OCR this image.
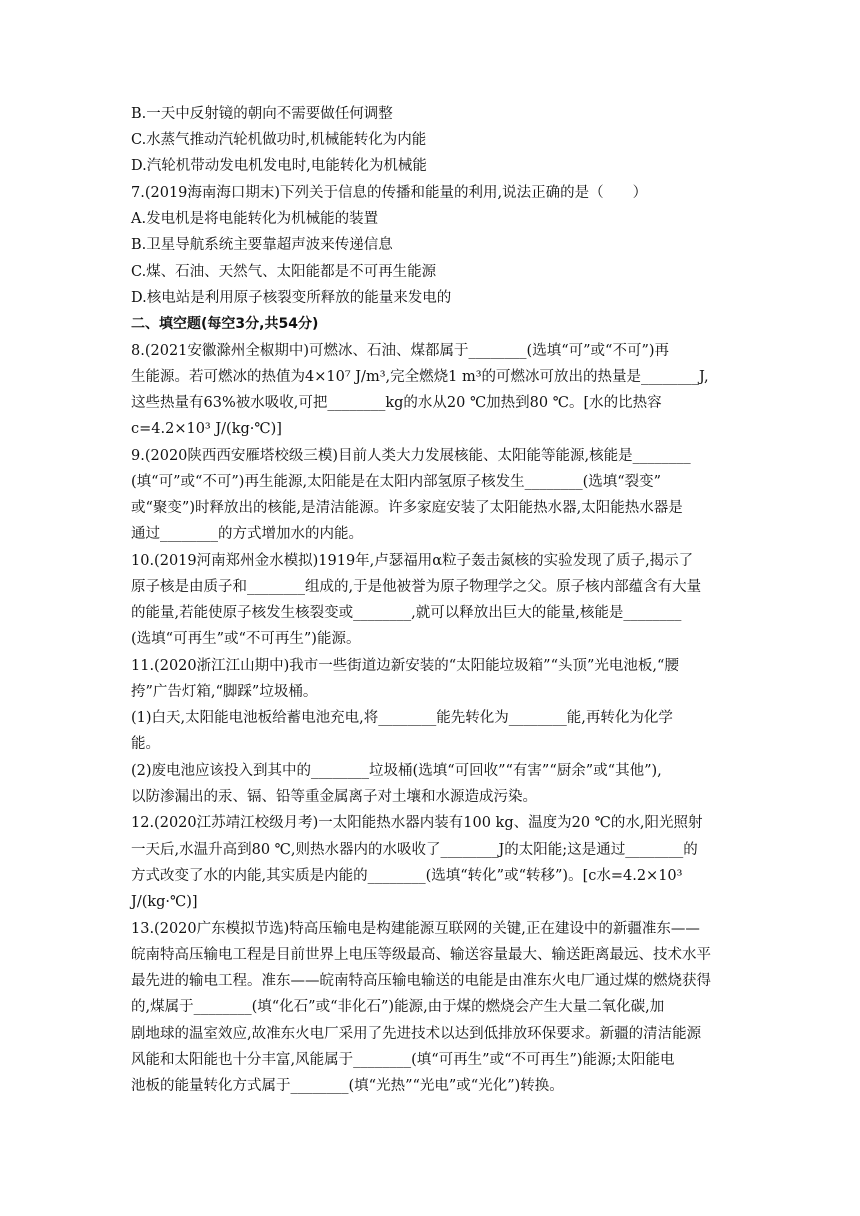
B.一天中反射镜的朝向不需要做任何调整
C.水蒸气推动汽轮机做功时,机械能转化为内能
D.汽轮机带动发电机发电时,电能转化为机械能
7.(2019海南海口期末)下列关于信息的传播和能量的利用,说法正确的是（　　）
A.发电机是将电能转化为机械能的装置
B.卫星导航系统主要靠超声波来传递信息
C.煤、石油、天然气、太阳能都是不可再生能源
D.核电站是利用原子核裂变所释放的能量来发电的
二、填空题(每空3分,共54分)
8.(2021安徽滁州全椒期中)可燃冰、石油、煤都属于________(选填“可”或“不可”)再
生能源。若可燃冰的热值为4×10⁷ J/m³,完全燃烧1 m³的可燃冰可放出的热量是________J,
这些热量有63%被水吸收,可把________kg的水从20 ℃加热到80 ℃。[水的比热容
c=4.2×10³ J/(kg·℃)]
9.(2020陕西西安雁塔校级三模)目前人类大力发展核能、太阳能等能源,核能是________
(填“可”或“不可”)再生能源,太阳能是在太阳内部氢原子核发生________(选填“裂变”
或“聚变”)时释放出的核能,是清洁能源。许多家庭安装了太阳能热水器,太阳能热水器是
通过________的方式增加水的内能。
10.(2019河南郑州金水模拟)1919年,卢瑟福用α粒子轰击氮核的实验发现了质子,揭示了
原子核是由质子和________组成的,于是他被誉为原子物理学之父。原子核内部蕴含有大量
的能量,若能使原子核发生核裂变或________,就可以释放出巨大的能量,核能是________
(选填“可再生”或“不可再生”)能源。
11.(2020浙江江山期中)我市一些街道边新安装的“太阳能垃圾箱”“头顶”光电池板,“腰
挎”广告灯箱,“脚踩”垃圾桶。
(1)白天,太阳能电池板给蓄电池充电,将________能先转化为________能,再转化为化学
能。
(2)废电池应该投入到其中的________垃圾桶(选填“可回收”“有害”“厨余”或“其他”),
以防渗漏出的汞、镉、铅等重金属离子对土壤和水源造成污染。
12.(2020江苏靖江校级月考)一太阳能热水器内装有100 kg、温度为20 ℃的水,阳光照射
一天后,水温升高到80 ℃,则热水器内的水吸收了________J的太阳能;这是通过________的
方式改变了水的内能,其实质是内能的________(选填“转化”或“转移”)。[c水=4.2×10³
J/(kg·℃)]
13.(2020广东模拟节选)特高压输电是构建能源互联网的关键,正在建设中的新疆准东——
皖南特高压输电工程是目前世界上电压等级最高、输送容量最大、输送距离最远、技术水平
最先进的输电工程。准东——皖南特高压输电输送的电能是由准东火电厂通过煤的燃烧获得
的,煤属于________(填“化石”或“非化石”)能源,由于煤的燃烧会产生大量二氧化碳,加
剧地球的温室效应,故准东火电厂采用了先进技术以达到低排放环保要求。新疆的清洁能源
风能和太阳能也十分丰富,风能属于________(填“可再生”或“不可再生”)能源;太阳能电
池板的能量转化方式属于________(填“光热”“光电”或“光化”)转换。
